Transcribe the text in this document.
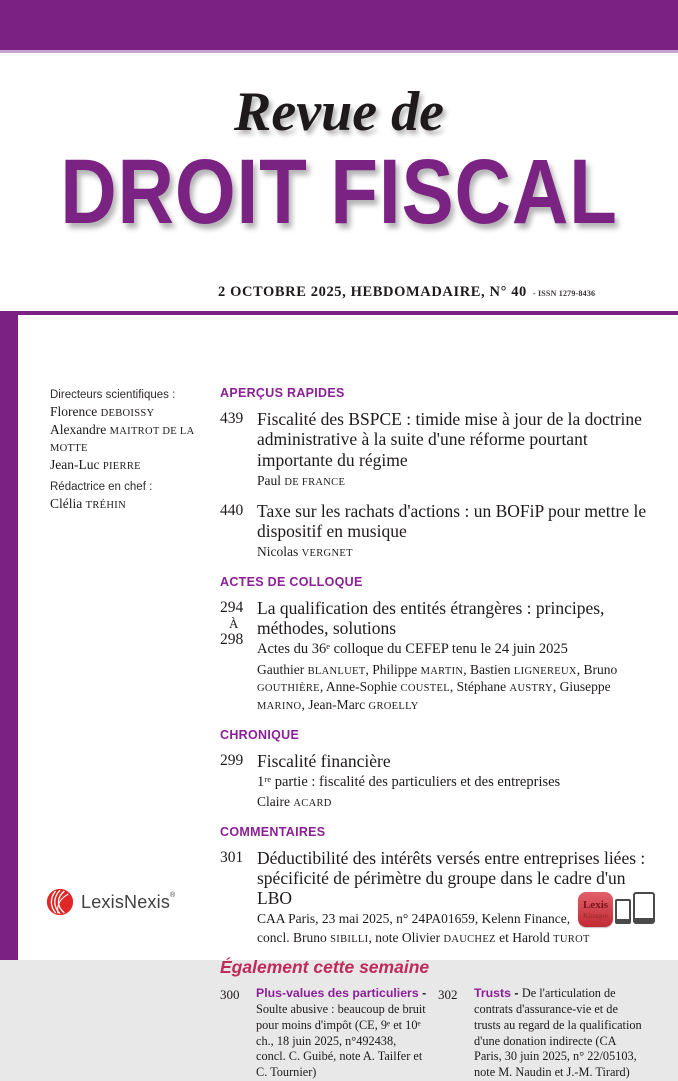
Revue de
DROIT FISCAL
2 OCTOBRE 2025, HEBDOMADAIRE, N° 40 - ISSN 1279-8436
Directeurs scientifiques :
Florence DEBOISSY
Alexandre MAITROT DE LA MOTTE
Jean-Luc PIERRE
Rédactrice en chef :
Clélia TRÉHIN
APERÇUS RAPIDES
439 Fiscalité des BSPCE : timide mise à jour de la doctrine administrative à la suite d'une réforme pourtant importante du régime
Paul DE FRANCE
440 Taxe sur les rachats d'actions : un BOFiP pour mettre le dispositif en musique
Nicolas VERGNET
ACTES DE COLLOQUE
294
À
298
La qualification des entités étrangères : principes, méthodes, solutions
Actes du 36ᵉ colloque du CEFEP tenu le 24 juin 2025
Gauthier BLANLUET, Philippe MARTIN, Bastien LIGNEREUX, Bruno GOUTHIÈRE, Anne-Sophie COUSTEL, Stéphane AUSTRY, Giuseppe MARINO, Jean-Marc GROELLY
CHRONIQUE
299 Fiscalité financière
1ʳᵉ partie : fiscalité des particuliers et des entreprises
Claire ACARD
COMMENTAIRES
301 Déductibilité des intérêts versés entre entreprises liées : spécificité de périmètre du groupe dans le cadre d'un LBO
CAA Paris, 23 mai 2025, n° 24PA01659, Kelenn Finance,
concl. Bruno SIBILLI, note Olivier DAUCHEZ et Harold TUROT
Également cette semaine
300	Plus-values des particuliers - Soulte abusive : beaucoup de bruit pour moins d'impôt (CE, 9ᵉ et 10ᵉ ch., 18 juin 2025, n°492438, concl. C. Guibé, note A. Tailfer et C. Tournier)
302	Trusts - De l'articulation de contrats d'assurance-vie et de trusts au regard de la qualification d'une donation indirecte (CA Paris, 30 juin 2025, n° 22/05103, note M. Naudin et J.-M. Tirard)
LexisNexis®
Lexis
Kiosque
